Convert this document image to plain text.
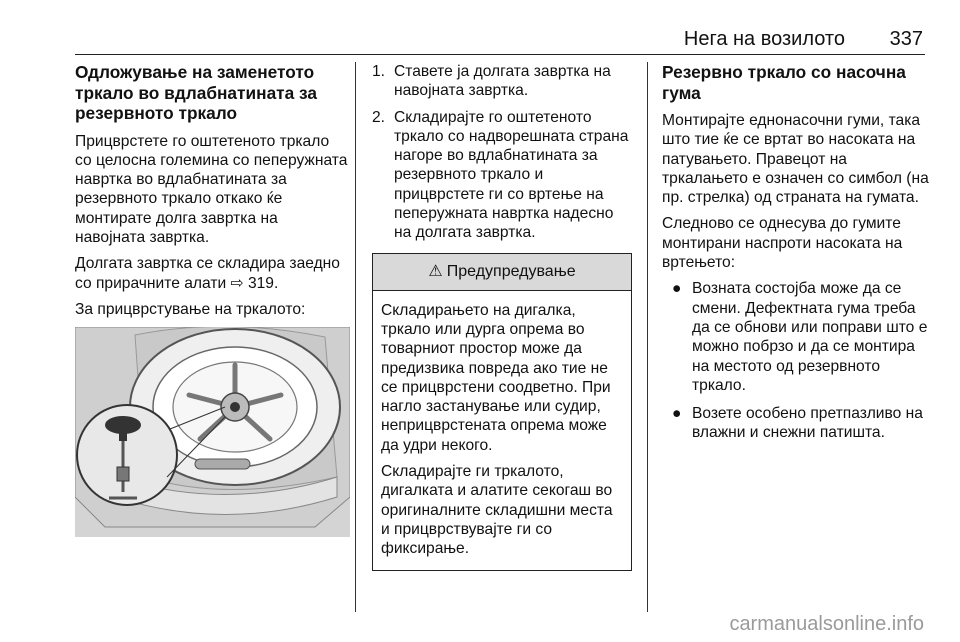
Нега на возилото 337
Одложување на заменетото тркало во вдлабнатината за резервното тркало

Прицврстете го оштетеното тркало со целосна големина со пеперужната навртка во вдлабнатината за резервното тркало откако ќе монтирате долга завртка на навојната завртка.

Долгата завртка се складира заедно со прирачните алати ⇨ 319.

За прицврстување на тркалото:

1. Ставете ја долгата завртка на навојната завртка.
2. Складирајте го оштетеното тркало со надворешната страна нагоре во вдлабнатината за резервното тркало и прицврстете ги со вртење на пеперужната навртка надесно на долгата завртка.
⚠ Предупредување

Складирањето на дигалка, тркало или дурга опрема во товарниот простор може да предизвика повреда ако тие не се прицврстени соодветно. При нагло застанување или судир, неприцврстената опрема може да удри некого.

Складирајте ги тркалото, дигалката и алатите секогаш во оригиналните складишни места и прицврствувајте ги со фиксирање.

Резервно тркало со насочна гума

Монтирајте еднонасочни гуми, така што тие ќе се вртат во насоката на патувањето. Правецот на тркалањето е означен со симбол (на пр. стрелка) од страната на гумата.

Следново се однесува до гумите монтирани наспроти насоката на вртењето:

● Возната состојба може да се смени. Дефектната гума треба да се обнови или поправи што е можно побрзо и да се монтира на местото од резервното тркало.
● Возете особено претпазливо на влажни и снежни патишта.
carmanualsonline.info
